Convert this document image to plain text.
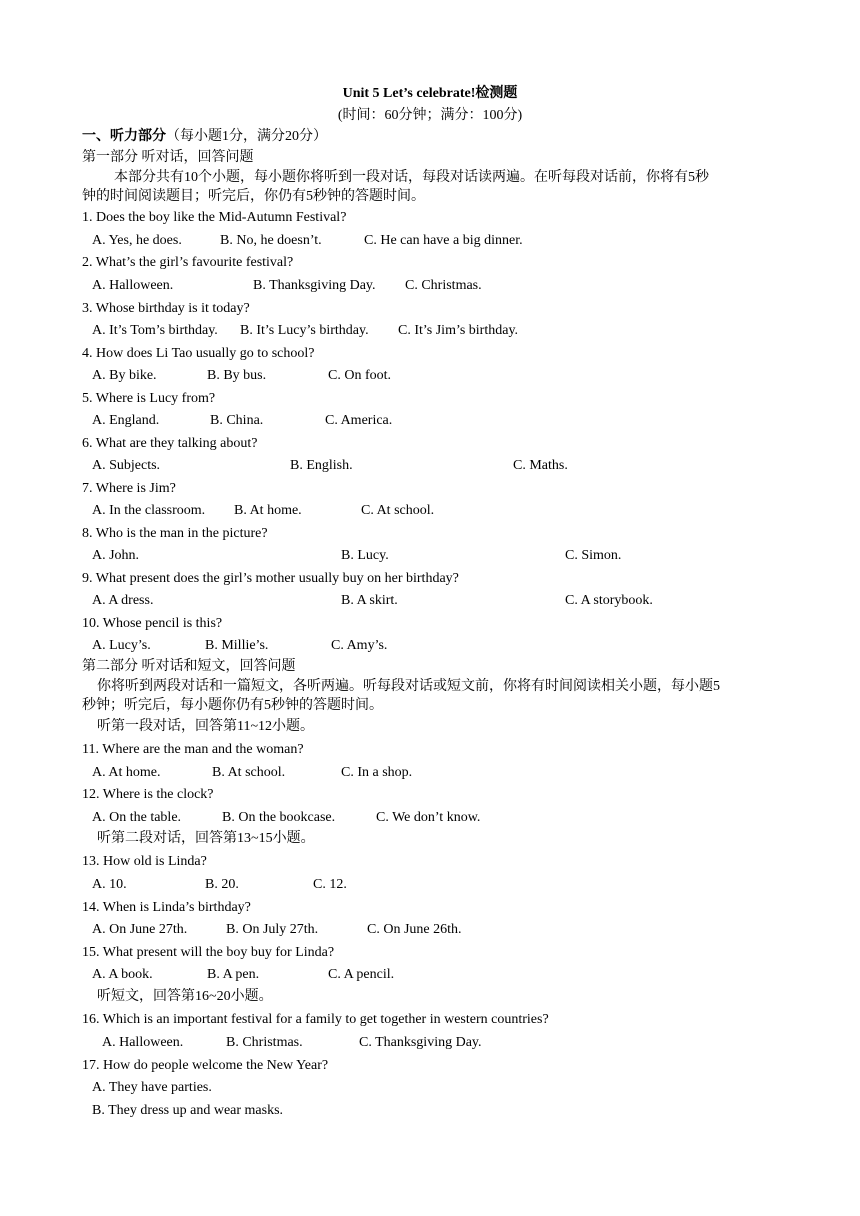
Unit 5 Let’s celebrate!检测题
(时间：60分钟；满分：100分)
一、听力部分（每小题1分，满分20分）
第一部分 听对话，回答问题
本部分共有10个小题，每小题你将听到一段对话，每段对话读两遍。在听每段对话前，你将有5秒
钟的时间阅读题目；听完后，你仍有5秒钟的答题时间。
1. Does the boy like the Mid-Autumn Festival?
A. Yes, he does.	B. No, he doesn’t.	C. He can have a big dinner.
2. What’s the girl’s favourite festival?
A. Halloween.	B. Thanksgiving Day. C. Christmas.
3. Whose birthday is it today?
A. It’s Tom’s birthday. B. It’s Lucy’s birthday. C. It’s Jim’s birthday.
4. How does Li Tao usually go to school?
A. By bike.	B. By bus.	C. On foot.
5. Where is Lucy from?
A. England.	B. China.	C. America.
6. What are they talking about?
A. Subjects.	B. English.	C. Maths.
7. Where is Jim?
A. In the classroom. B. At home.	C. At school.
8. Who is the man in the picture?
A. John.	B. Lucy.	C. Simon.
9. What present does the girl’s mother usually buy on her birthday?
A. A dress.	B. A skirt.	C. A storybook.
10. Whose pencil is this?
A. Lucy’s.	B. Millie’s.	C. Amy’s.
第二部分 听对话和短文，回答问题
你将听到两段对话和一篇短文，各听两遍。听每段对话或短文前，你将有时间阅读相关小题，每小题5
秒钟；听完后，每小题你仍有5秒钟的答题时间。
听第一段对话，回答第11~12小题。
11. Where are the man and the woman?
A. At home.	B. At school.	C. In a shop.
12. Where is the clock?
A. On the table.	B. On the bookcase.	C. We don’t know.
听第二段对话，回答第13~15小题。
13. How old is Linda?
A. 10.	B. 20.	C. 12.
14. When is Linda’s birthday?
A. On June 27th.	B. On July 27th.	C. On June 26th.
15. What present will the boy buy for Linda?
A. A book.	B. A pen.	C. A pencil.
听短文，回答第16~20小题。
16. Which is an important festival for a family to get together in western countries?
A. Halloween.	B. Christmas.	C. Thanksgiving Day.
17. How do people welcome the New Year?
A. They have parties.
B. They dress up and wear masks.
